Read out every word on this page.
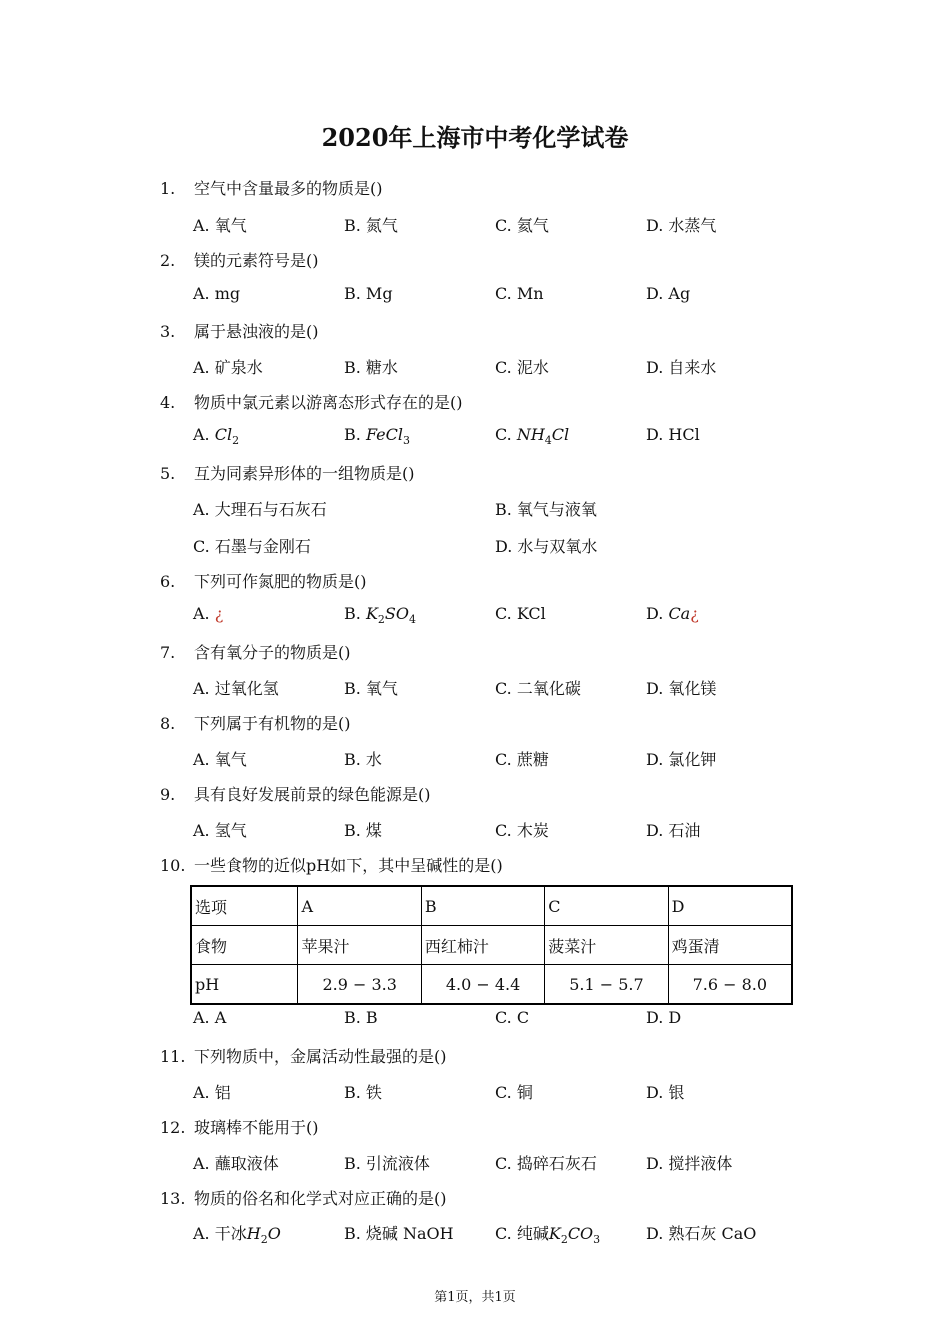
2020年上海市中考化学试卷
1. 空气中含量最多的物质是()
A. 氧气	B. 氮气	C. 氦气	D. 水蒸气
2. 镁的元素符号是()
A. mg	B. Mg	C. Mn	D. Ag
3. 属于悬浊液的是()
A. 矿泉水	B. 糖水	C. 泥水	D. 自来水
4. 物质中氯元素以游离态形式存在的是()
A. $Cl_2$	B. FeCl$_3$	C. $NH_4Cl$	D. HCl
5. 互为同素异形体的一组物质是()
A. 大理石与石灰石	B. 氧气与液氧
C. 石墨与金刚石	D. 水与双氧水
6. 下列可作氮肥的物质是()
A. ¿	B. $K_2SO_4$	C. KCl	D. Ca¿
7. 含有氧分子的物质是()
A. 过氧化氢	B. 氧气	C. 二氧化碳	D. 氧化镁
8. 下列属于有机物的是()
A. 氧气	B. 水	C. 蔗糖	D. 氯化钾
9. 具有良好发展前景的绿色能源是()
A. 氢气	B. 煤	C. 木炭	D. 石油
10. 一些食物的近似pH如下，其中呈碱性的是()
选项	A	B	C	D
食物	苹果汁	西红柿汁	菠菜汁	鸡蛋清
pH	2.9 − 3.3	4.0 − 4.4	5.1 − 5.7	7.6 − 8.0
A. A	B. B	C. C	D. D
11. 下列物质中，金属活动性最强的是()
A. 铝	B. 铁	C. 铜	D. 银
12. 玻璃棒不能用于()
A. 蘸取液体	B. 引流液体	C. 捣碎石灰石	D. 搅拌液体
13. 物质的俗名和化学式对应正确的是()
A. 干冰$H_2O$	B. 烧碱 NaOH	C. 纯碱$K_2CO_3$	D. 熟石灰 CaO
第1页，共1页
